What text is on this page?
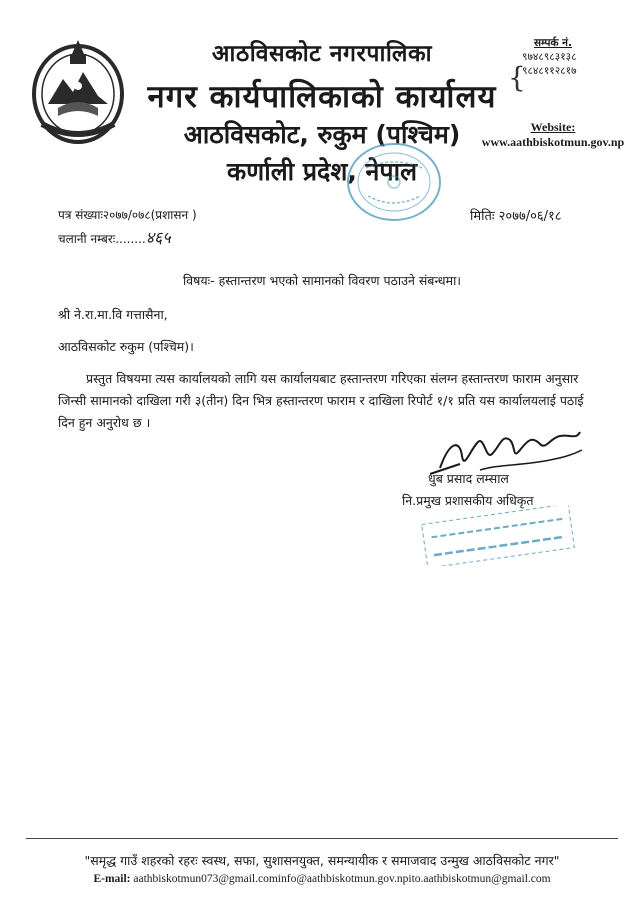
आठविसकोट नगरपालिका
नगर कार्यपालिकाको कार्यालय
आठविसकोट, रुकुम (पश्चिम)
कर्णाली प्रदेश, नेपाल
सम्पर्क नं.
{
९७४८९८३१३८
९८४८११२८१७
Website:
www.aathbiskotmun.gov.np
पत्र संख्याः२०७७/०७८(प्रशासन )	मितिः २०७७/०६/१८
चलानी नम्बरः........४६५
विषयः- हस्तान्तरण भएको सामानको विवरण पठाउने संबन्धमा।
श्री ने.रा.मा.वि गत्तासैना,
आठविसकोट रुकुम (पश्चिम)।
प्रस्तुत विषयमा त्यस कार्यालयको लागि यस कार्यालयबाट हस्तान्तरण गरिएका संलग्न हस्तान्तरण फाराम अनुसार जिन्सी सामानको दाखिला गरी ३(तीन) दिन भित्र हस्तान्तरण फाराम र दाखिला रिपोर्ट १/१ प्रति यस कार्यालयलाई पठाई दिन हुन अनुरोध छ ।
धुब प्रसाद लम्साल
नि.प्रमुख प्रशासकीय अधिकृत
"समृद्ध गाउँ शहरको रहरः स्वस्थ, सफा, सुशासनयुक्त, समन्यायीक र समाजवाद उन्मुख आठविसकोट नगर"
E-mail: aathbiskotmun073@gmail.cominfo@aathbiskotmun.gov.npito.aathbiskotmun@gmail.com
